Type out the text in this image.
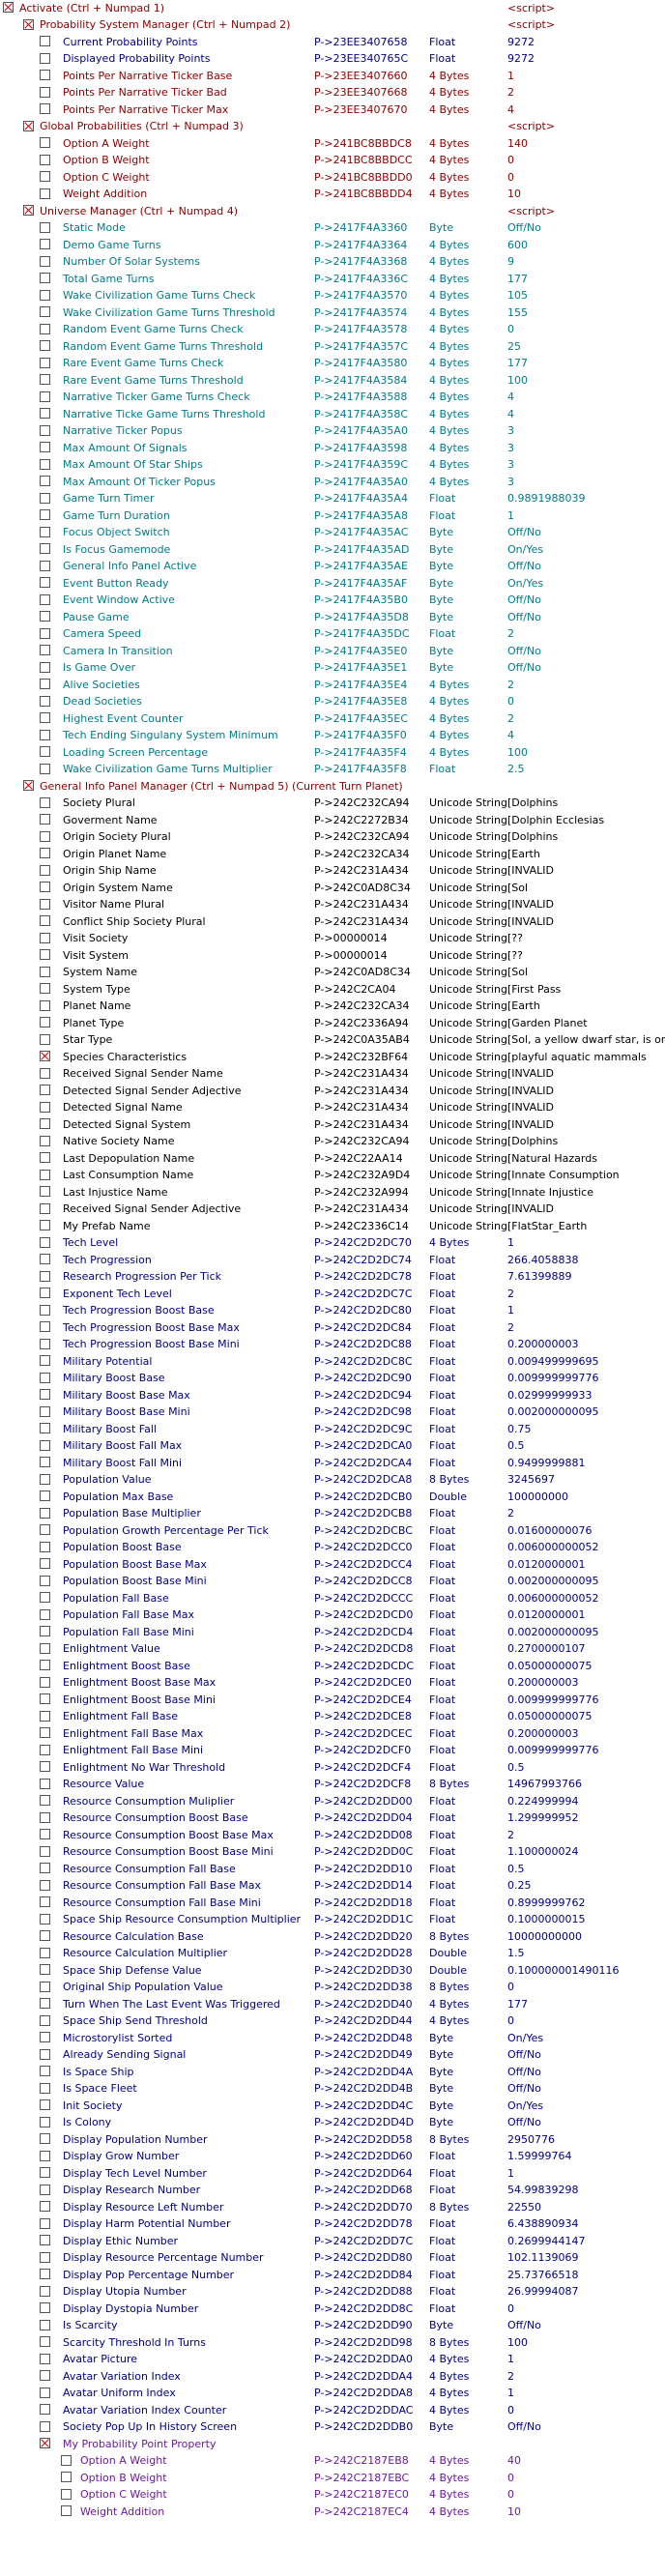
Activate (Ctrl + Numpad 1)	<script>
Probability System Manager (Ctrl + Numpad 2)	<script>
Current Probability Points	P->23EE3407658 Float	9272
Displayed Probability Points	P->23EE340765C Float	9272
Points Per Narrative Ticker Base	P->23EE3407660 4 Bytes	1
Points Per Narrative Ticker Bad	P->23EE3407668 4 Bytes	2
Points Per Narrative Ticker Max	P->23EE3407670 4 Bytes	4
Global Probabilities (Ctrl + Numpad 3)	<script>
Option A Weight	P->241BC8BBDC8 4 Bytes	140
Option B Weight	P->241BC8BBDCC 4 Bytes	0
Option C Weight	P->241BC8BBDD0 4 Bytes	0
Weight Addition	P->241BC8BBDD4 4 Bytes	10
Universe Manager (Ctrl + Numpad 4)	<script>
Static Mode	P->2417F4A3360 Byte	Off/No
Demo Game Turns	P->2417F4A3364 4 Bytes	600
Number Of Solar Systems	P->2417F4A3368 4 Bytes	9
Total Game Turns	P->2417F4A336C 4 Bytes	177
Wake Civilization Game Turns Check	P->2417F4A3570 4 Bytes	105
Wake Civilization Game Turns Threshold	P->2417F4A3574 4 Bytes	155
Random Event Game Turns Check	P->2417F4A3578 4 Bytes	0
Random Event Game Turns Threshold	P->2417F4A357C 4 Bytes	25
Rare Event Game Turns Check	P->2417F4A3580 4 Bytes	177
Rare Event Game Turns Threshold	P->2417F4A3584 4 Bytes	100
Narrative Ticker Game Turns Check	P->2417F4A3588 4 Bytes	4
Narrative Ticke Game Turns Threshold	P->2417F4A358C 4 Bytes	4
Narrative Ticker Popus	P->2417F4A35A0 4 Bytes	3
Max Amount Of Signals	P->2417F4A3598 4 Bytes	3
Max Amount Of Star Ships	P->2417F4A359C 4 Bytes	3
Max Amount Of Ticker Popus	P->2417F4A35A0 4 Bytes	3
Game Turn Timer	P->2417F4A35A4 Float	0.9891988039
Game Turn Duration	P->2417F4A35A8 Float	1
Focus Object Switch	P->2417F4A35AC Byte	Off/No
Is Focus Gamemode	P->2417F4A35AD Byte	On/Yes
General Info Panel Active	P->2417F4A35AE Byte	Off/No
Event Button Ready	P->2417F4A35AF Byte	On/Yes
Event Window Active	P->2417F4A35B0 Byte	Off/No
Pause Game	P->2417F4A35D8 Byte	Off/No
Camera Speed	P->2417F4A35DC Float	2
Camera In Transition	P->2417F4A35E0 Byte	Off/No
Is Game Over	P->2417F4A35E1 Byte	Off/No
Alive Societies	P->2417F4A35E4 4 Bytes	2
Dead Societies	P->2417F4A35E8 4 Bytes	0
Highest Event Counter	P->2417F4A35EC 4 Bytes	2
Tech Ending Singulany System Minimum	P->2417F4A35F0 4 Bytes	4
Loading Screen Percentage	P->2417F4A35F4 4 Bytes	100
Wake Civilization Game Turns Multiplier	P->2417F4A35F8 Float	2.5
General Info Panel Manager (Ctrl + Numpad 5) (Current Turn Planet)
Society Plural	P->242C232CA94 Unicode String [Dolphins
Goverment Name	P->242C2272B34 Unicode String [Dolphin Ecclesias
Origin Society Plural	P->242C232CA94 Unicode String [Dolphins
Origin Planet Name	P->242C232CA34 Unicode String [Earth
Origin Ship Name	P->242C231A434 Unicode String [INVALID
Origin System Name	P->242C0AD8C34 Unicode String [Sol
Visitor Name Plural	P->242C231A434 Unicode String [INVALID
Conflict Ship Society Plural	P->242C231A434 Unicode String [INVALID
Visit Society	P->00000014	Unicode String [??
Visit System	P->00000014	Unicode String [??
System Name	P->242C0AD8C34 Unicode String [Sol
System Type	P->242C2CA04	Unicode String [First Pass
Planet Name	P->242C232CA34 Unicode String [Earth
Planet Type	P->242C2336A94 Unicode String [Garden Planet
Star Type	P->242C0A35AB4 Unicode String [Sol, a yellow dwarf star, is or
Species Characteristics	P->242C232BF64 Unicode String [playful aquatic mammals
Received Signal Sender Name	P->242C231A434 Unicode String [INVALID
Detected Signal Sender Adjective	P->242C231A434 Unicode String [INVALID
Detected Signal Name	P->242C231A434 Unicode String [INVALID
Detected Signal System	P->242C231A434 Unicode String [INVALID
Native Society Name	P->242C232CA94 Unicode String [Dolphins
Last Depopulation Name	P->242C22AA14 Unicode String [Natural Hazards
Last Consumption Name	P->242C232A9D4 Unicode String [Innate Consumption
Last Injustice Name	P->242C232A994 Unicode String [Innate Injustice
Received Signal Sender Adjective	P->242C231A434 Unicode String [INVALID
My Prefab Name	P->242C2336C14 Unicode String [FlatStar_Earth
Tech Level	P->242C2D2DC70 4 Bytes	1
Tech Progression	P->242C2D2DC74 Float	266.4058838
Research Progression Per Tick	P->242C2D2DC78 Float	7.61399889
Exponent Tech Level	P->242C2D2DC7C Float	2
Tech Progression Boost Base	P->242C2D2DC80 Float	1
Tech Progression Boost Base Max	P->242C2D2DC84 Float	2
Tech Progression Boost Base Mini	P->242C2D2DC88 Float	0.200000003
Military Potential	P->242C2D2DC8C Float	0.009499999695
Military Boost Base	P->242C2D2DC90 Float	0.009999999776
Military Boost Base Max	P->242C2D2DC94 Float	0.02999999933
Military Boost Base Mini	P->242C2D2DC98 Float	0.002000000095
Military Boost Fall	P->242C2D2DC9C Float	0.75
Military Boost Fall Max	P->242C2D2DCA0 Float	0.5
Military Boost Fall Mini	P->242C2D2DCA4 Float	0.9499999881
Population Value	P->242C2D2DCA8 8 Bytes	3245697
Population Max Base	P->242C2D2DCB0 Double	100000000
Population Base Multiplier	P->242C2D2DCB8 Float	2
Population Growth Percentage Per Tick	P->242C2D2DCBC Float	0.01600000076
Population Boost Base	P->242C2D2DCC0 Float	0.006000000052
Population Boost Base Max	P->242C2D2DCC4 Float	0.0120000001
Population Boost Base Mini	P->242C2D2DCC8 Float	0.002000000095
Population Fall Base	P->242C2D2DCCC Float	0.006000000052
Population Fall Base Max	P->242C2D2DCD0 Float	0.0120000001
Population Fall Base Mini	P->242C2D2DCD4 Float	0.002000000095
Enlightment Value	P->242C2D2DCD8 Float	0.2700000107
Enlightment Boost Base	P->242C2D2DCDC Float	0.05000000075
Enlightment Boost Base Max	P->242C2D2DCE0 Float	0.200000003
Enlightment Boost Base Mini	P->242C2D2DCE4 Float	0.009999999776
Enlightment Fall Base	P->242C2D2DCE8 Float	0.05000000075
Enlightment Fall Base Max	P->242C2D2DCEC Float	0.200000003
Enlightment Fall Base Mini	P->242C2D2DCF0 Float	0.009999999776
Enlightment No War Threshold	P->242C2D2DCF4 Float	0.5
Resource Value	P->242C2D2DCF8 8 Bytes	14967993766
Resource Consumption Muliplier	P->242C2D2DD00 Float	0.224999994
Resource Consumption Boost Base	P->242C2D2DD04 Float	1.299999952
Resource Consumption Boost Base Max	P->242C2D2DD08 Float	2
Resource Consumption Boost Base Mini	P->242C2D2DD0C Float	1.100000024
Resource Consumption Fall Base	P->242C2D2DD10 Float	0.5
Resource Consumption Fall Base Max	P->242C2D2DD14 Float	0.25
Resource Consumption Fall Base Mini	P->242C2D2DD18 Float	0.8999999762
Space Ship Resource Consumption Multiplier P->242C2D2DD1C Float	0.1000000015
Resource Calculation Base	P->242C2D2DD20 8 Bytes	10000000000
Resource Calculation Multiplier	P->242C2D2DD28 Double	1.5
Space Ship Defense Value	P->242C2D2DD30 Double	0.100000001490116
Original Ship Population Value	P->242C2D2DD38 8 Bytes	0
Turn When The Last Event Was Triggered	P->242C2D2DD40 4 Bytes	177
Space Ship Send Threshold	P->242C2D2DD44 4 Bytes	0
Microstorylist Sorted	P->242C2D2DD48 Byte	On/Yes
Already Sending Signal	P->242C2D2DD49 Byte	Off/No
Is Space Ship	P->242C2D2DD4A Byte	Off/No
Is Space Fleet	P->242C2D2DD4B Byte	Off/No
Init Society	P->242C2D2DD4C Byte	On/Yes
Is Colony	P->242C2D2DD4D Byte	Off/No
Display Population Number	P->242C2D2DD58 8 Bytes	2950776
Display Grow Number	P->242C2D2DD60 Float	1.59999764
Display Tech Level Number	P->242C2D2DD64 Float	1
Display Research Number	P->242C2D2DD68 Float	54.99839298
Display Resource Left Number	P->242C2D2DD70 8 Bytes	22550
Display Harm Potential Number	P->242C2D2DD78 Float	6.438890934
Display Ethic Number	P->242C2D2DD7C Float	0.2699944147
Display Resource Percentage Number	P->242C2D2DD80 Float	102.1139069
Display Pop Percentage Number	P->242C2D2DD84 Float	25.73766518
Display Utopia Number	P->242C2D2DD88 Float	26.99994087
Display Dystopia Number	P->242C2D2DD8C Float	0
Is Scarcity	P->242C2D2DD90 Byte	Off/No
Scarcity Threshold In Turns	P->242C2D2DD98 8 Bytes	100
Avatar Picture	P->242C2D2DDA0 4 Bytes	1
Avatar Variation Index	P->242C2D2DDA4 4 Bytes	2
Avatar Uniform Index	P->242C2D2DDA8 4 Bytes	1
Avatar Variation Index Counter	P->242C2D2DDAC 4 Bytes	0
Society Pop Up In History Screen	P->242C2D2DDB0 Byte	Off/No
My Probability Point Property
Option A Weight	P->242C2187EB8 4 Bytes	40
Option B Weight	P->242C2187EBC 4 Bytes	0
Option C Weight	P->242C2187EC0 4 Bytes	0
Weight Addition	P->242C2187EC4 4 Bytes	10
